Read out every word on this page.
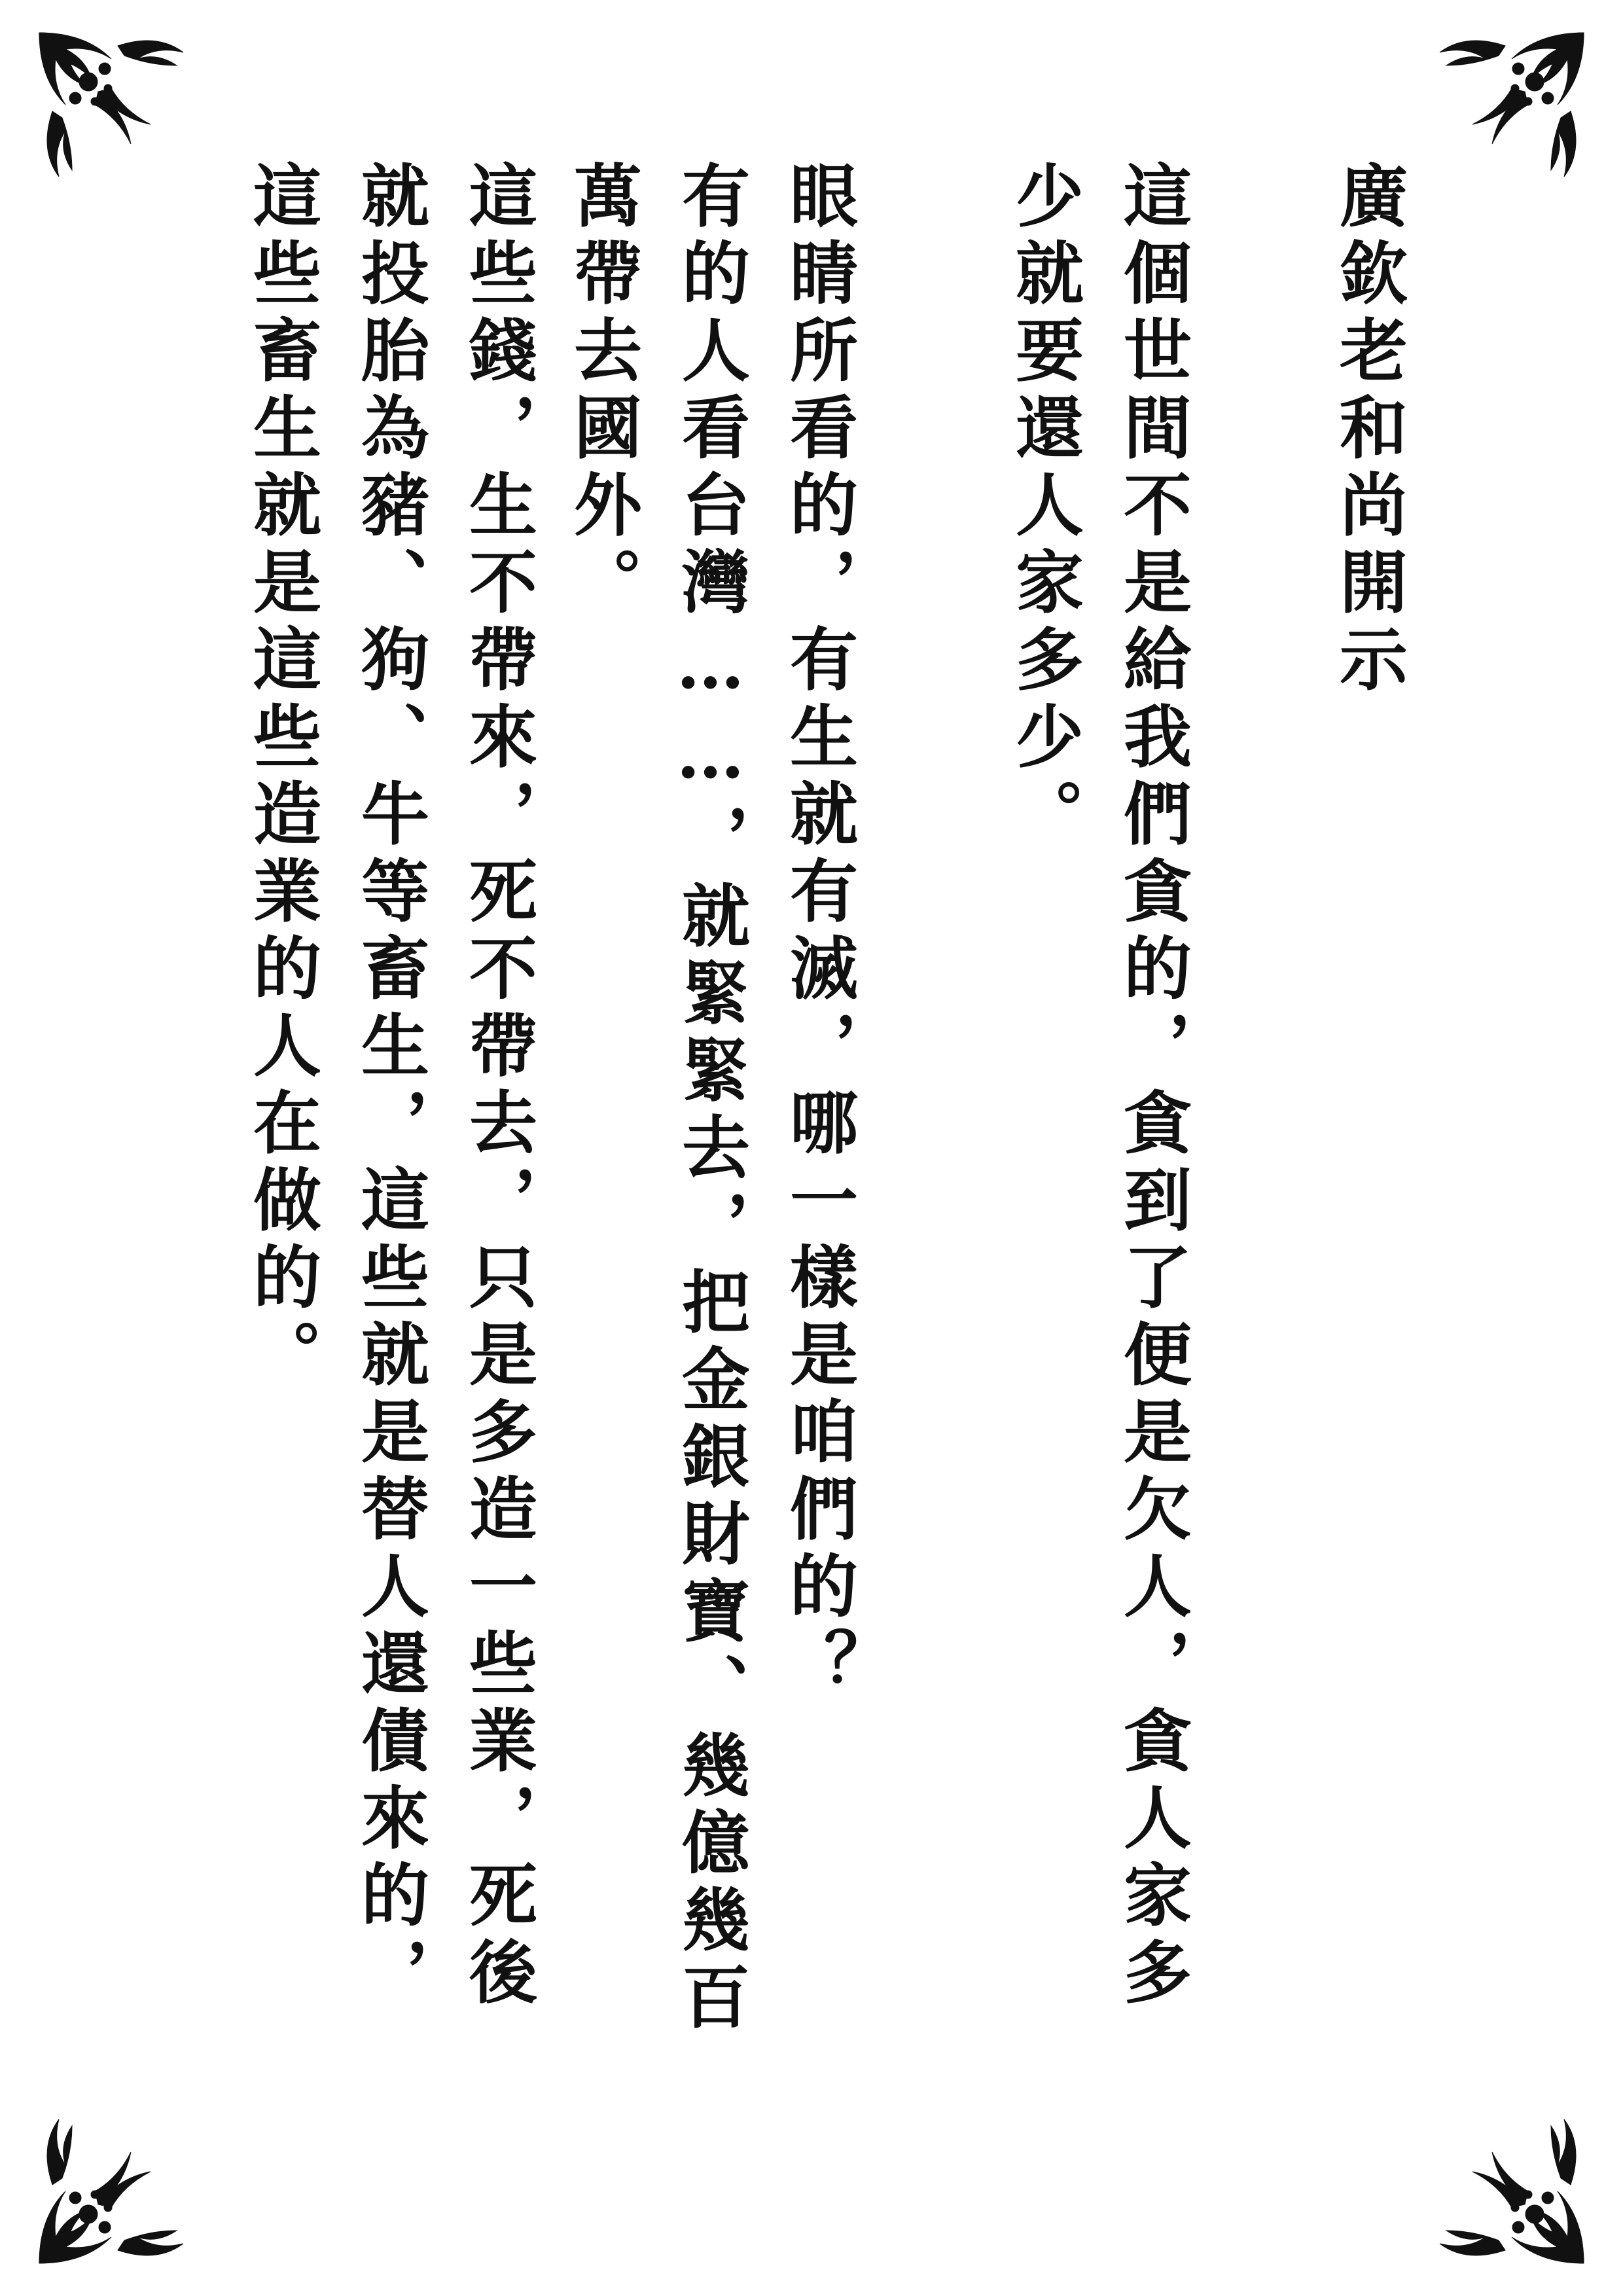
廣欽老和尚開示
這個世間不是給我們貪的，貪到了便是欠人，貪人家多
少就要還人家多少。
眼睛所看的，有生就有滅，哪一樣是咱們的？
有的人看台灣……，就緊緊去，把金銀財寶、幾億幾百
萬帶去國外。
這些錢，生不帶來，死不帶去，只是多造一些業，死後
就投胎為豬、狗、牛等畜生，這些就是替人還債來的，
這些畜生就是這些造業的人在做的。
